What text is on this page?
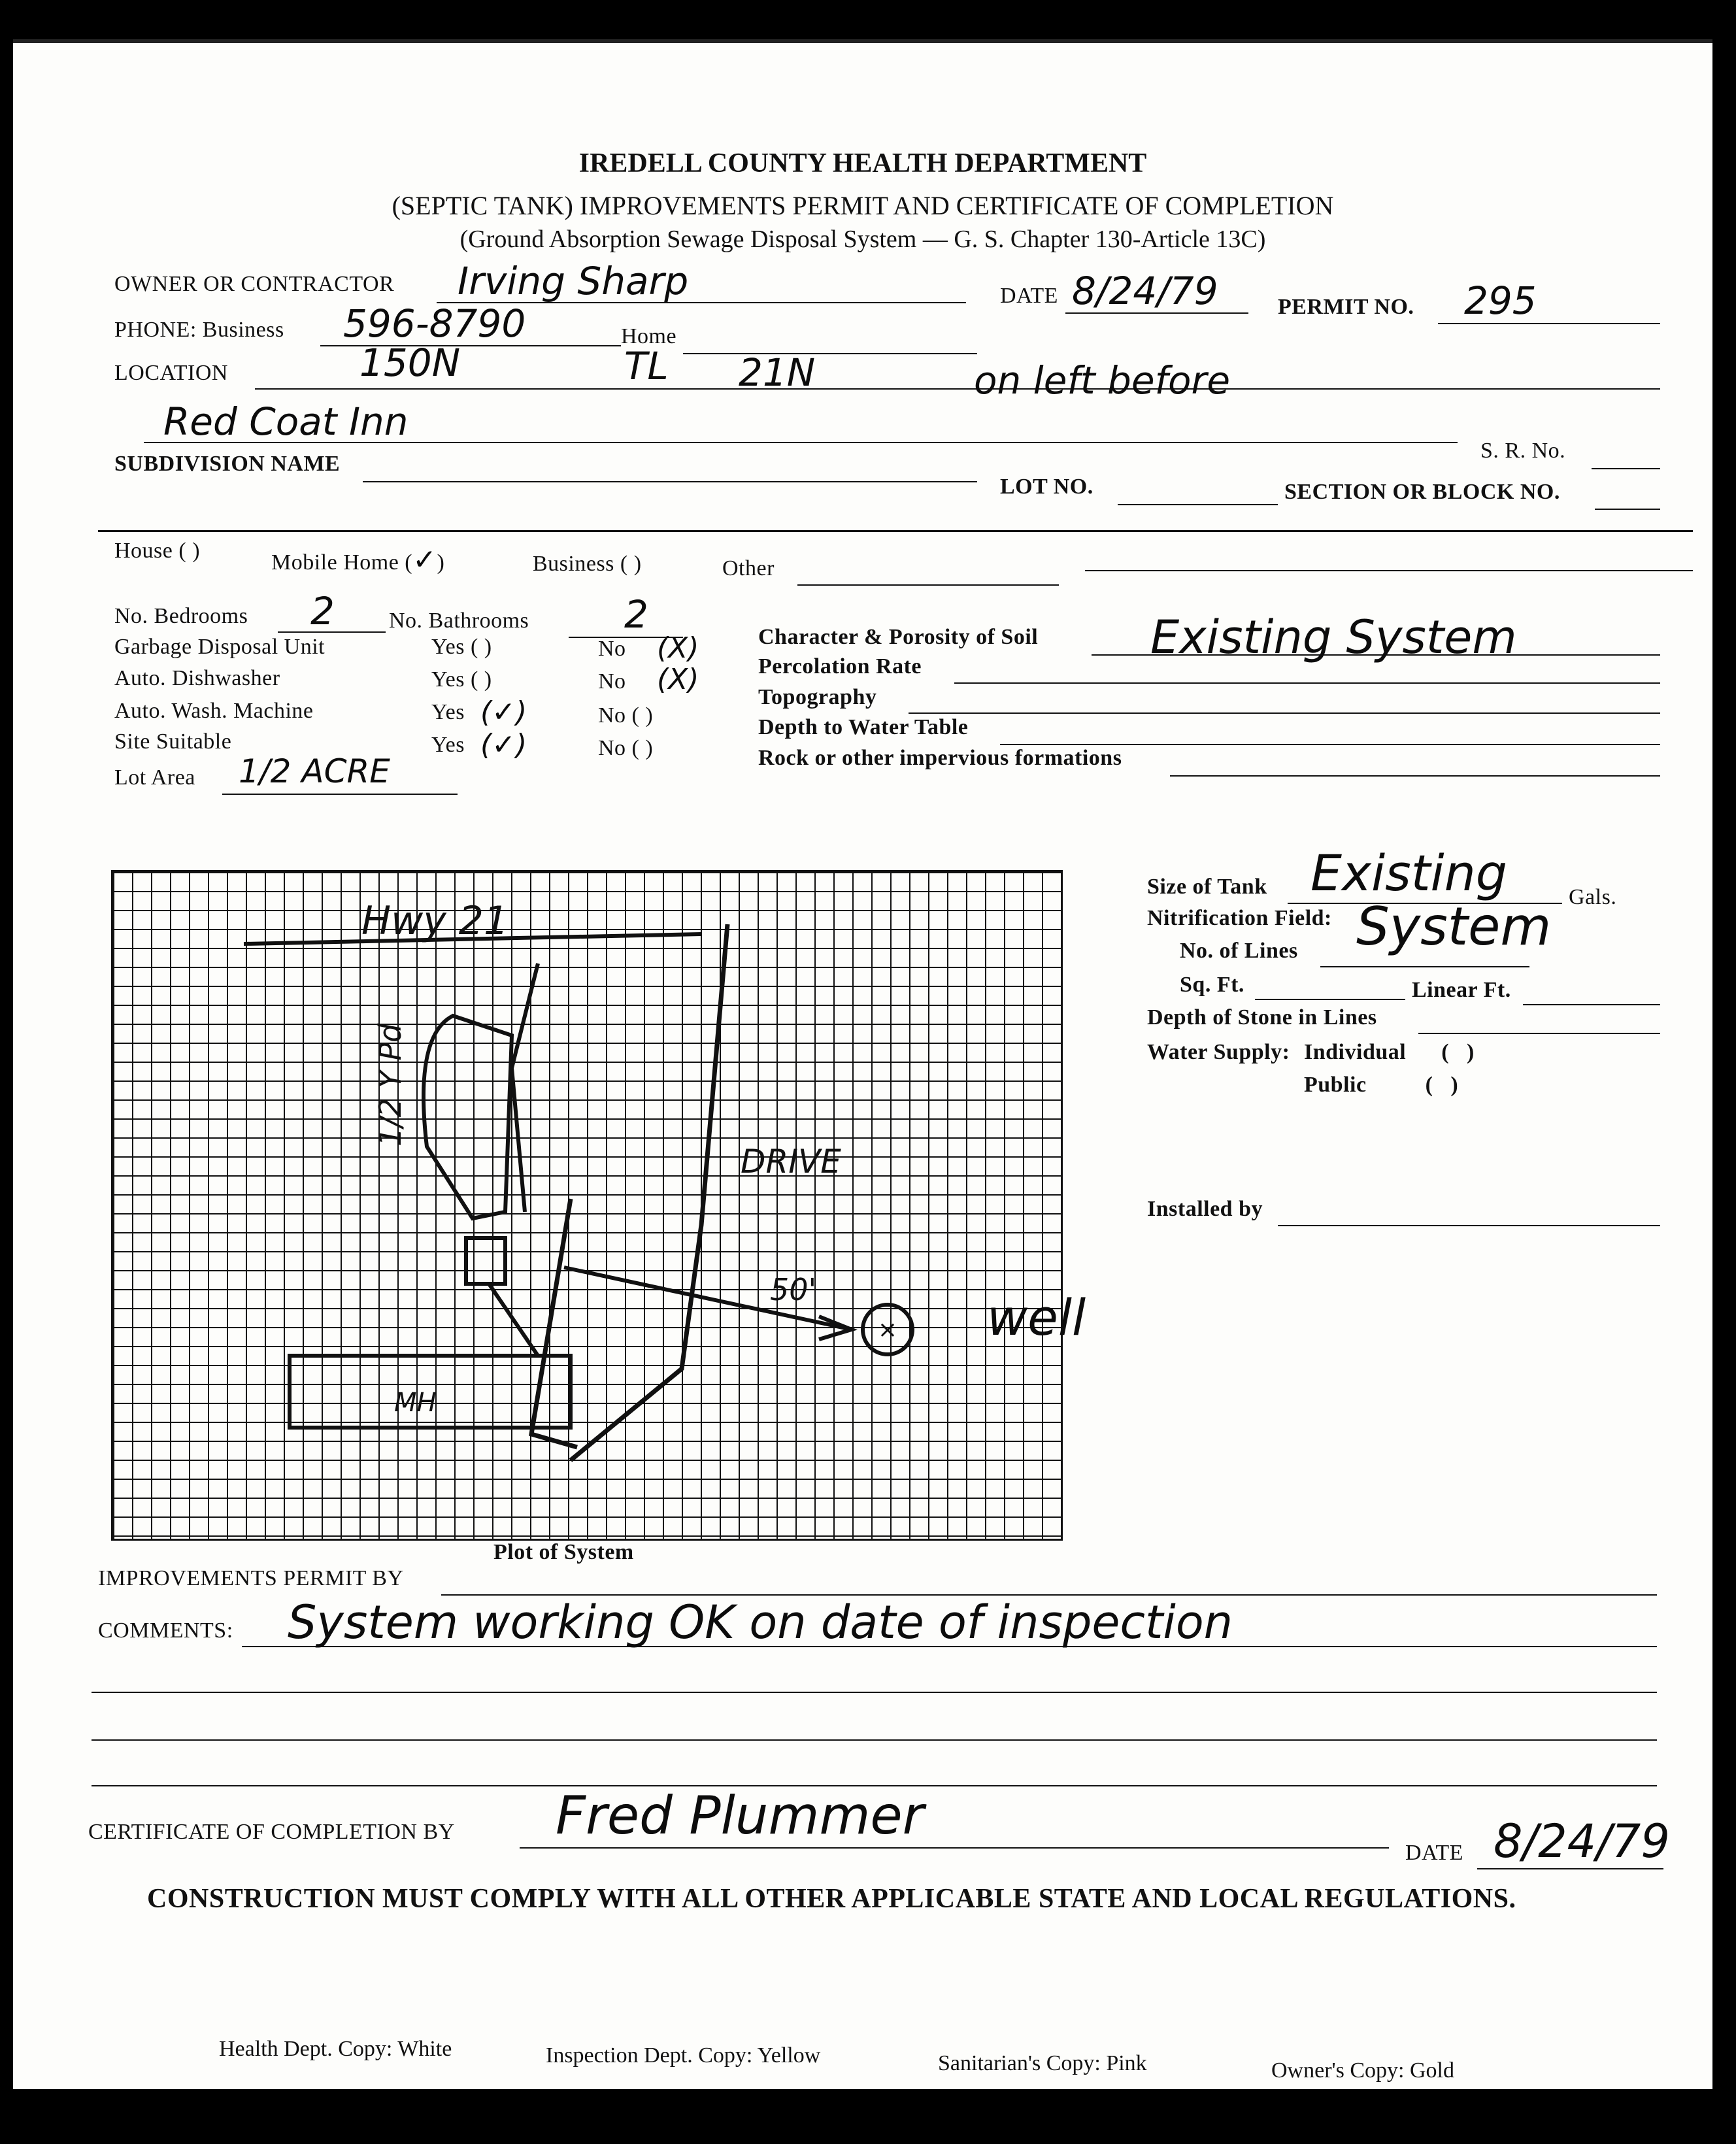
IREDELL COUNTY HEALTH DEPARTMENT
(SEPTIC TANK) IMPROVEMENTS PERMIT AND CERTIFICATE OF COMPLETION
(Ground Absorption Sewage Disposal System — G. S. Chapter 130-Article 13C)
OWNER OR CONTRACTOR Irving Sharp	DATE 8/24/79	PERMIT NO. 295
PHONE: Business 596-8790	Home
LOCATION	150N	TL 21N	on left before
Red Coat Inn
S. R. No.
SUBDIVISION NAME
LOT NO.	SECTION OR BLOCK NO.
House ( )	Mobile Home (✓)	Business ( )	Other
No. Bedrooms 2 No. Bathrooms	2
Garbage Disposal Unit	Yes ( )	No (X)
Auto. Dishwasher	Yes ( )	No (X)
Auto. Wash. Machine	Yes (✓)	No ( )
Site Suitable	Yes (✓)	No ( )
Lot Area 1/2 ACRE
Character & Porosity of Soil Existing System
Percolation Rate
Topography
Depth to Water Table
Rock or other impervious formations
×
Hwy 21
1/2 Y Pd
DRIVE
50'
MH
well
Plot of System
Size of Tank Existing	Gals.
Nitrification Field: System
No. of Lines
Sq. Ft.	Linear Ft.
Depth of Stone in Lines
Water Supply: Individual      (   )
Public          (   )
Installed by
IMPROVEMENTS PERMIT BY
COMMENTS: System working OK on date of inspection
CERTIFICATE OF COMPLETION BY Fred Plummer
DATE 8/24/79
CONSTRUCTION MUST COMPLY WITH ALL OTHER APPLICABLE STATE AND LOCAL REGULATIONS.
Health Dept. Copy: White	Inspection Dept. Copy: Yellow	Sanitarian's Copy: Pink	Owner's Copy: Gold
